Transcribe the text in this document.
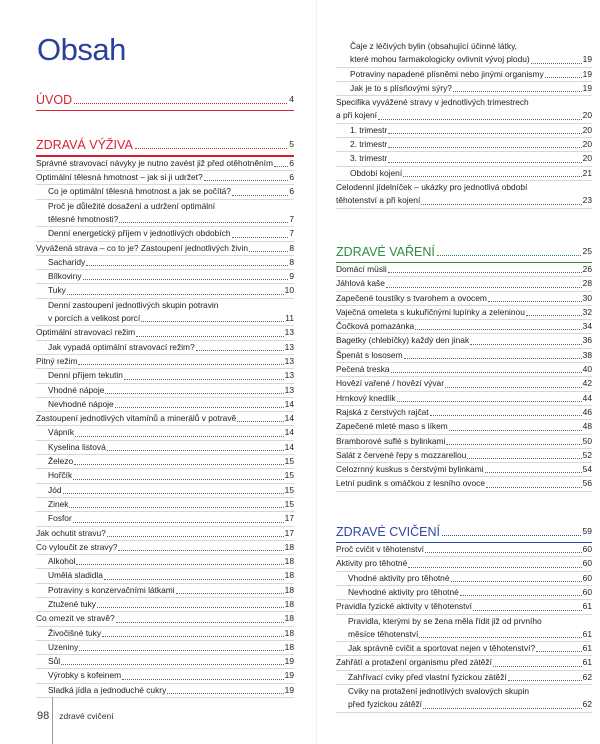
Obsah
ÚVOD	4
ZDRAVÁ VÝŽIVA	5
Správné stravovací návyky je nutno zavést již před otěhotněním 6
Optimální tělesná hmotnost – jak si ji udržet?	6
Co je optimální tělesná hmotnost a jak se počítá?	6
Proč je důležité dosažení a udržení optimální
tělesné hmotnosti?	7
Denní energetický příjem v jednotlivých obdobích	7
Vyvážená strava – co to je? Zastoupení jednotlivých živin	8
Sacharidy	8
Bílkoviny	9
Tuky	10
Denní zastoupení jednotlivých skupin potravin
v porcích a velikost porcí	11
Optimální stravovací režim	13
Jak vypadá optimální stravovací režim?	13
Pitný režim	13
Denní příjem tekutin	13
Vhodné nápoje	13
Nevhodné nápoje	14
Zastoupení jednotlivých vitamínů a minerálů v potravě	14
Vápník	14
Kyselina listová	14
Železo	15
Hořčík	15
Jód	15
Zinek	15
Fosfor	17
Jak ochutit stravu?	17
Co vyloučit ze stravy?	18
Alkohol	18
Umělá sladidla	18
Potraviny s konzervačními látkami	18
Ztužené tuky	18
Co omezit ve stravě?	18
Živočišné tuky	18
Uzeniny	18
Sůl	19
Výrobky s kofeinem	19
Sladká jídla a jednoduché cukry	19
Čaje z léčivých bylin (obsahující účinné látky,
které mohou farmakologicky ovlivnit vývoj plodu)	19
Potraviny napadené plísněmi nebo jinými organismy	19
Jak je to s plísňovými sýry?	19
Specifika vyvážené stravy v jednotlivých trimestrech
a při kojení	20
1. trimestr	20
2. trimestr	20
3. trimestr	20
Období kojení	21
Celodenní jídelníček – ukázky pro jednotlivá období
těhotenství a při kojení	23
ZDRAVÉ VAŘENÍ	25
Domácí müsli	26
Jáhlová kaše	28
Zapečené toustíky s tvarohem a ovocem	30
Vaječná omeleta s kukuřičnými lupínky a zeleninou	32
Čočková pomazánka	34
Bagetky (chlebíčky) každý den jinak	36
Špenát s lososem	38
Pečená treska	40
Hovězí vařené / hovězí vývar	42
Hrnkový knedlík	44
Rajská z čerstvých rajčat	46
Zapečené mleté maso s líkem	48
Bramborové suflé s bylinkami	50
Salát z červené řepy s mozzarellou	52
Celozrnný kuskus s čerstvými bylinkami	54
Letní pudink s omáčkou z lesního ovoce	56
ZDRAVÉ CVIČENÍ	59
Proč cvičit v těhotenství	60
Aktivity pro těhotné	60
Vhodné aktivity pro těhotné	60
Nevhodné aktivity pro těhotné	60
Pravidla fyzické aktivity v těhotenství	61
Pravidla, kterými by se žena měla řídit již od prvního
měsíce těhotenství	61
Jak správně cvičit a sportovat nejen v těhotenství?	61
Zahřátí a protažení organismu před zátěží	61
Zahřívací cviky před vlastní fyzickou zátěží	62
Cviky na protažení jednotlivých svalových skupin
před fyzickou zátěží	62
98 zdravé cvičení
